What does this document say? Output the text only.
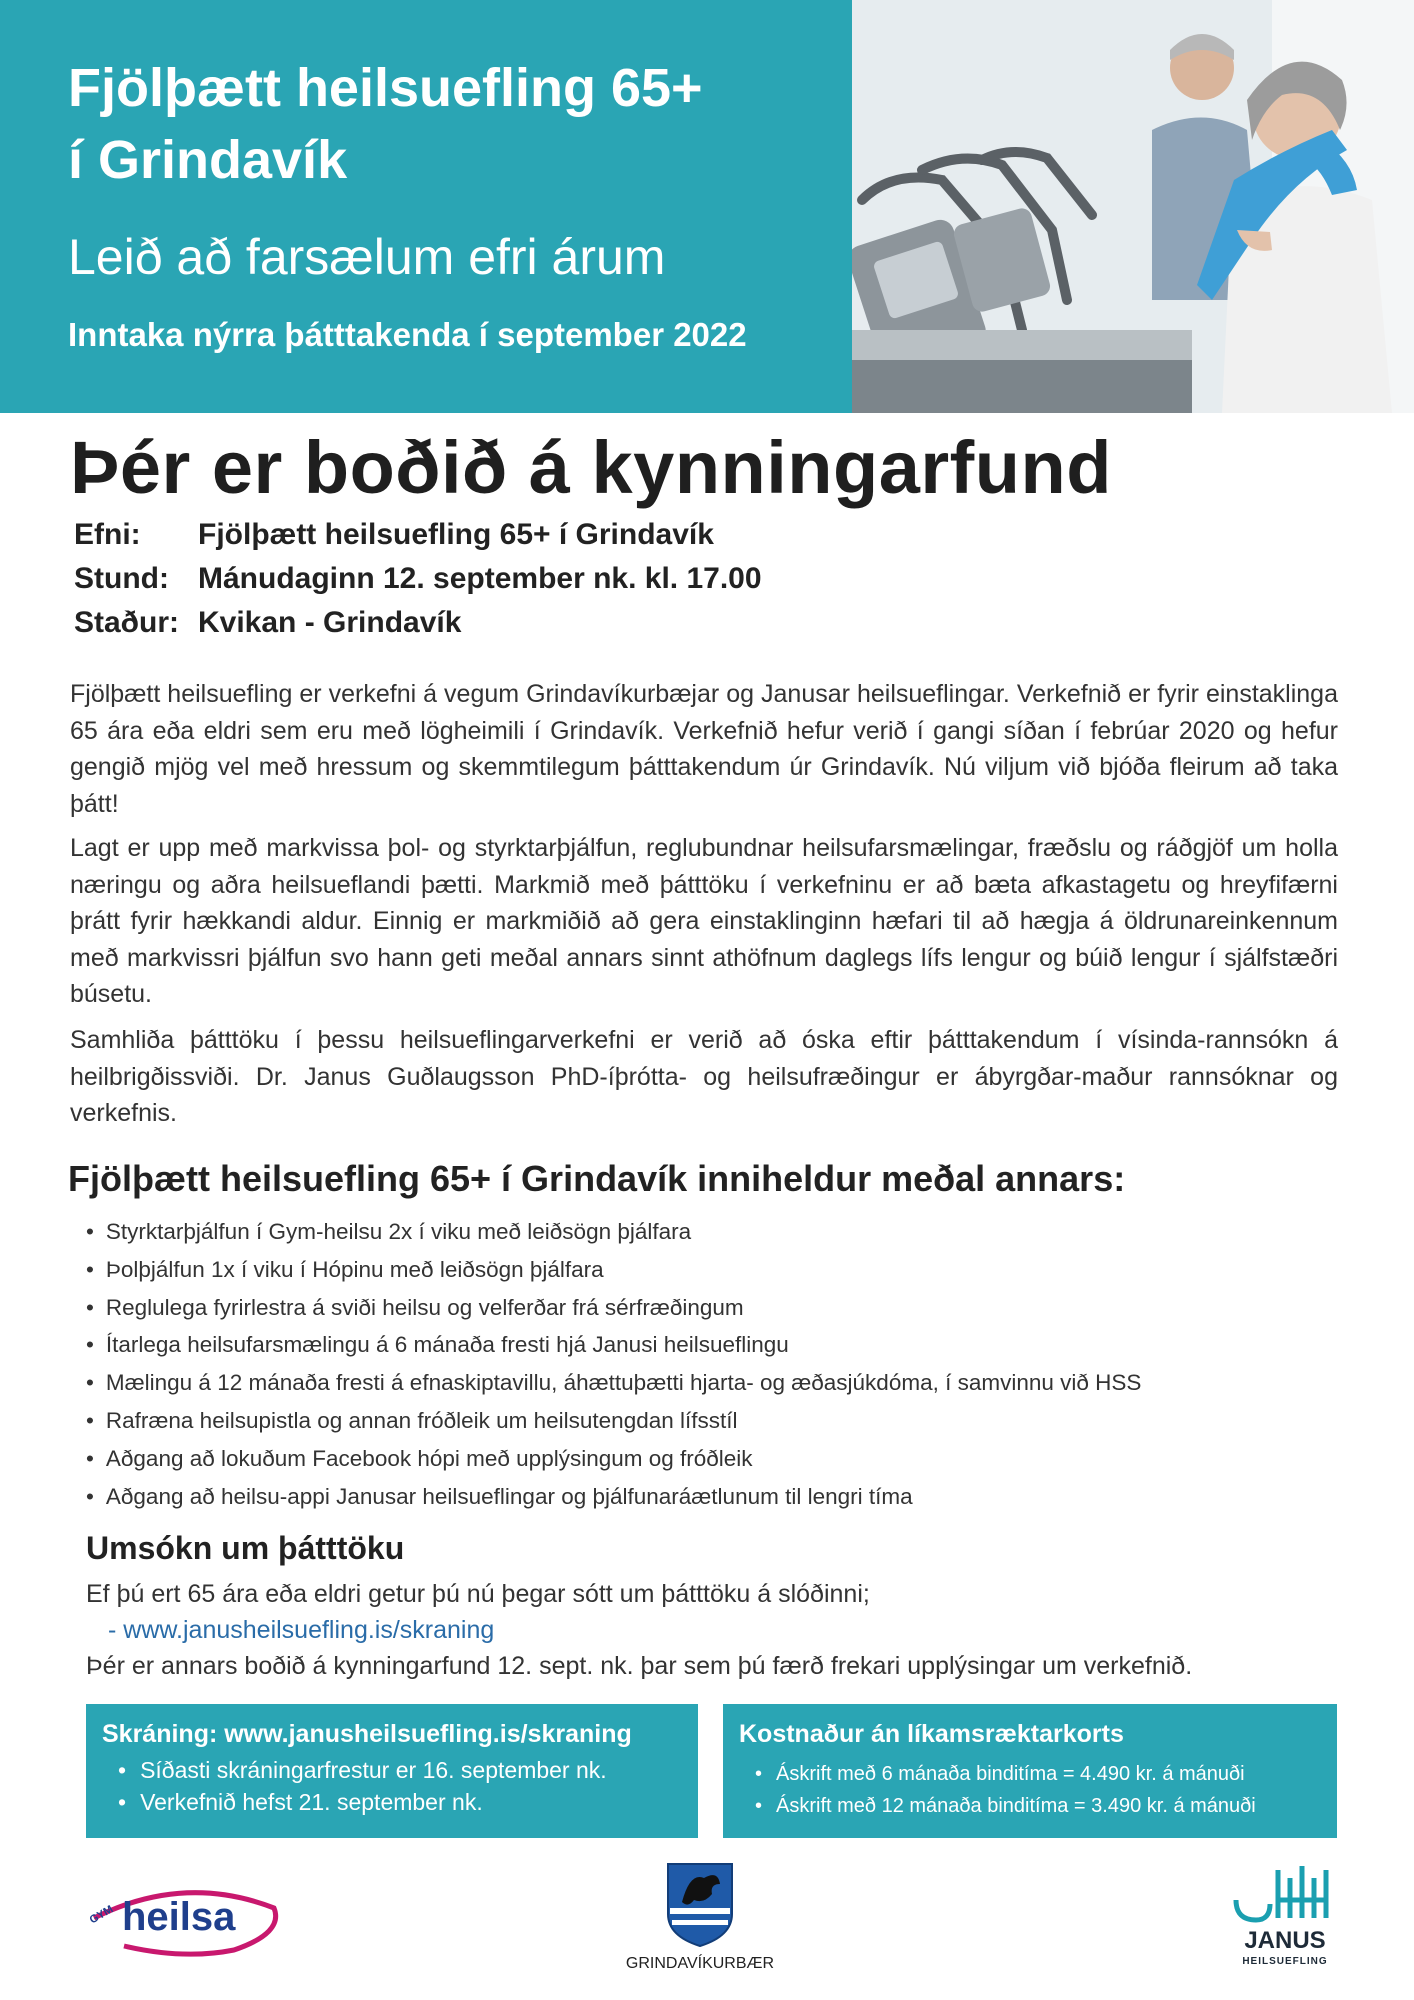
Fjölþætt heilsuefling 65+
í Grindavík
Leið að farsælum efri árum
Inntaka nýrra þátttakenda í september 2022
Þér er boðið á kynningarfund
Efni:	Fjölþætt heilsuefling 65+ í Grindavík
Stund: Mánudaginn 12. september nk. kl. 17.00
Staður: Kvikan - Grindavík
Fjölþætt heilsuefling er verkefni á vegum Grindavíkurbæjar og Janusar heilsueflingar. Verkefnið er fyrir einstaklinga 65 ára eða eldri sem eru með lögheimili í Grindavík. Verkefnið hefur verið í gangi síðan í febrúar 2020 og hefur gengið mjög vel með hressum og skemmtilegum þátttakendum úr Grindavík. Nú viljum við bjóða fleirum að taka þátt!
Lagt er upp með markvissa þol- og styrktarþjálfun, reglubundnar heilsufarsmælingar, fræðslu og ráðgjöf um holla næringu og aðra heilsueflandi þætti. Markmið með þátttöku í verkefninu er að bæta afkastagetu og hreyfifærni þrátt fyrir hækkandi aldur. Einnig er markmiðið að gera einstaklinginn hæfari til að hægja á öldrunareinkennum með markvissri þjálfun svo hann geti meðal annars sinnt athöfnum daglegs lífs lengur og búið lengur í sjálfstæðri búsetu.
Samhliða þátttöku í þessu heilsueflingarverkefni er verið að óska eftir þátttakendum í vísinda-rannsókn á heilbrigðissviði. Dr. Janus Guðlaugsson PhD-íþrótta- og heilsufræðingur er ábyrgðar-maður rannsóknar og verkefnis.
Fjölþætt heilsuefling 65+ í Grindavík inniheldur meðal annars:
• Styrktarþjálfun í Gym-heilsu 2x í viku með leiðsögn þjálfara
• Þolþjálfun 1x í viku í Hópinu með leiðsögn þjálfara
• Reglulega fyrirlestra á sviði heilsu og velferðar frá sérfræðingum
• Ítarlega heilsufarsmælingu á 6 mánaða fresti hjá Janusi heilsueflingu
• Mælingu á 12 mánaða fresti á efnaskiptavillu, áhættuþætti hjarta- og æðasjúkdóma, í samvinnu við HSS
• Rafræna heilsupistla og annan fróðleik um heilsutengdan lífsstíl
• Aðgang að lokuðum Facebook hópi með upplýsingum og fróðleik
• Aðgang að heilsu-appi Janusar heilsueflingar og þjálfunaráætlunum til lengri tíma
Umsókn um þátttöku
Ef þú ert 65 ára eða eldri getur þú nú þegar sótt um þátttöku á slóðinni;
- www.janusheilsuefling.is/skraning
Þér er annars boðið á kynningarfund 12. sept. nk. þar sem þú færð frekari upplýsingar um verkefnið.
Skráning: www.janusheilsuefling.is/skraning
• Síðasti skráningarfrestur er 16. september nk.
• Verkefnið hefst 21. september nk.
Kostnaður án líkamsræktarkorts
• Áskrift með 6 mánaða binditíma = 4.490 kr. á mánuði
• Áskrift með 12 mánaða binditíma = 3.490 kr. á mánuði
GYM heilsa
GRINDAVÍKURBÆR
JANUS
HEILSUEFLING
